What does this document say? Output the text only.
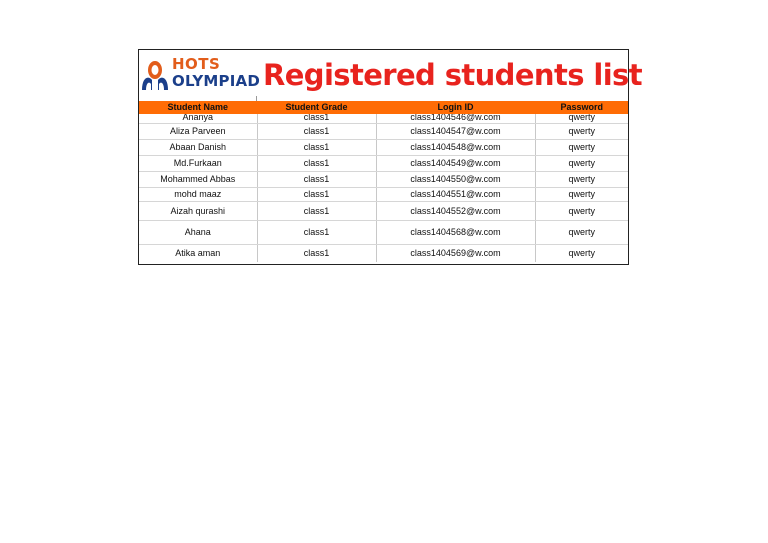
HOTS
OLYMPIAD Registered students list
Student Name	Student Grade	Login ID	Password
Ananya	class1	class1404546@w.com	qwerty
Aliza Parveen	class1	class1404547@w.com	qwerty
Abaan Danish	class1	class1404548@w.com	qwerty
Md.Furkaan	class1	class1404549@w.com	qwerty
Mohammed Abbas	class1	class1404550@w.com	qwerty
mohd maaz	class1	class1404551@w.com	qwerty
Aizah qurashi	class1	class1404552@w.com	qwerty
Ahana	class1	class1404568@w.com	qwerty
Atika aman	class1	class1404569@w.com	qwerty
